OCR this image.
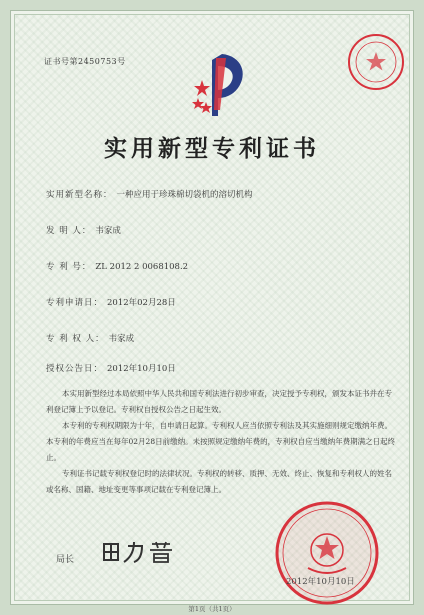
证书号第2450753号
实用新型专利证书
实用新型名称： 一种应用于珍珠棉切袋机的溶切机构
发 明 人： 韦家成
专 利 号： ZL 2012 2 0068108.2
专利申请日： 2012年02月28日
专 利 权 人： 韦家成
授权公告日： 2012年10月10日

本实用新型经过本局依照中华人民共和国专利法进行初步审查，决定授予专利权，颁发本证书并在专利登记簿上予以登记。专利权自授权公告之日起生效。

本专利的专利权期限为十年，自申请日起算。专利权人应当依照专利法及其实施细则规定缴纳年费。本专利的年费应当在每年02月28日前缴纳。未按照规定缴纳年费的，专利权自应当缴纳年费期满之日起终止。

专利证书记载专利权登记时的法律状况。专利权的转移、质押、无效、终止、恢复和专利权人的姓名或名称、国籍、地址变更等事项记载在专利登记簿上。

局长
2012年10月10日
第1页（共1页）
